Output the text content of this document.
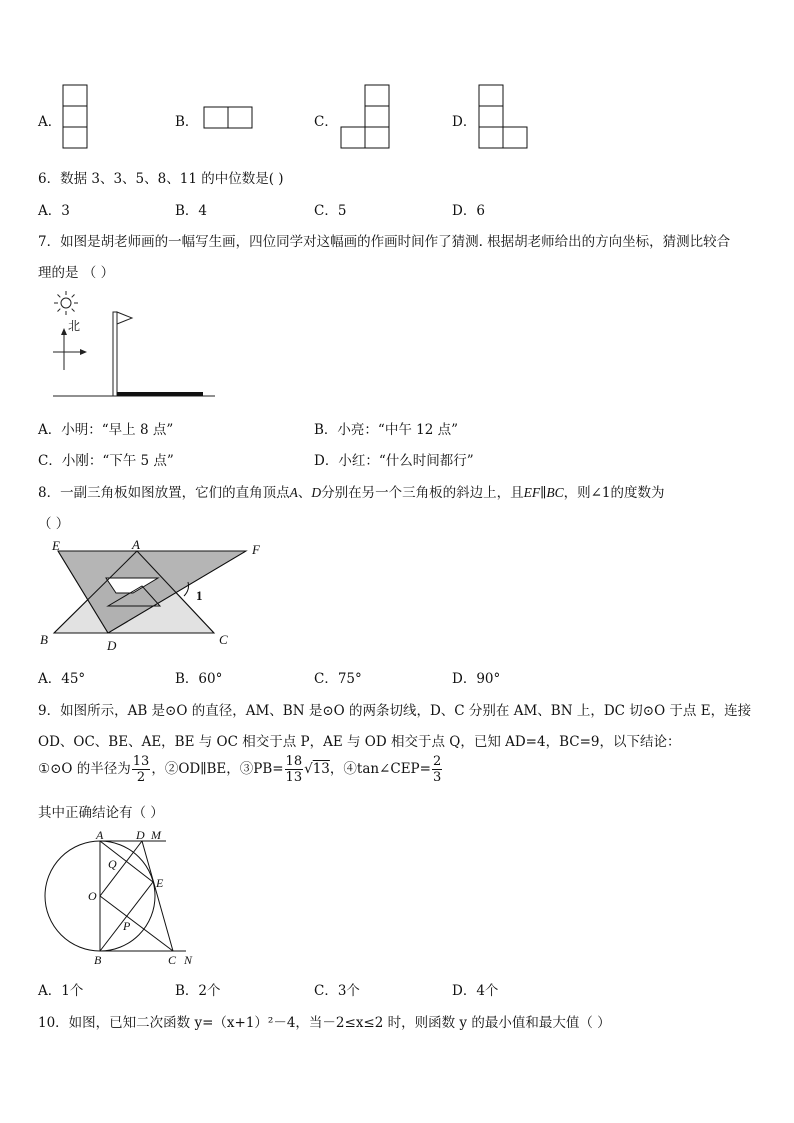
A．	B．	C．	D．
6．数据 3、3、5、8、11 的中位数是( )
A．3	B．4	C．5	D．6
7．如图是胡老师画的一幅写生画，四位同学对这幅画的作画时间作了猜测. 根据胡老师给出的方向坐标，猜测比较合
理的是 （ ）
北
A．小明：“早上 8 点”	B．小亮：“中午 12 点”
C．小刚：“下午 5 点”	D．小红：“什么时间都行”
8．一副三角板如图放置，它们的直角顶点A、D分别在另一个三角板的斜边上，且EF∥BC，则∠1的度数为
（ ）
E	A	F
B	D	C
1
A．45°	B．60°	C．75°	D．90°
9．如图所示，AB 是⊙O 的直径，AM、BN 是⊙O 的两条切线，D、C 分别在 AM、BN 上，DC 切⊙O 于点 E，连接
OD、OC、BE、AE，BE 与 OC 相交于点 P，AE 与 OD 相交于点 Q，已知 AD=4，BC=9，以下结论：
①⊙O 的半径为 $\frac{13}{2}$ ，②OD∥BE，③PB= $\frac{18}{13} √13$，④tan∠CEP= $\frac{2}{3}$
其中正确结论有（ ）
A	D M
Q
O
E
P
B	C N
A．1个	B．2个	C．3个	D．4个
10．如图，已知二次函数 y=（x+1）²－4，当－2≤x≤2 时，则函数 y 的最小值和最大值（ ）
